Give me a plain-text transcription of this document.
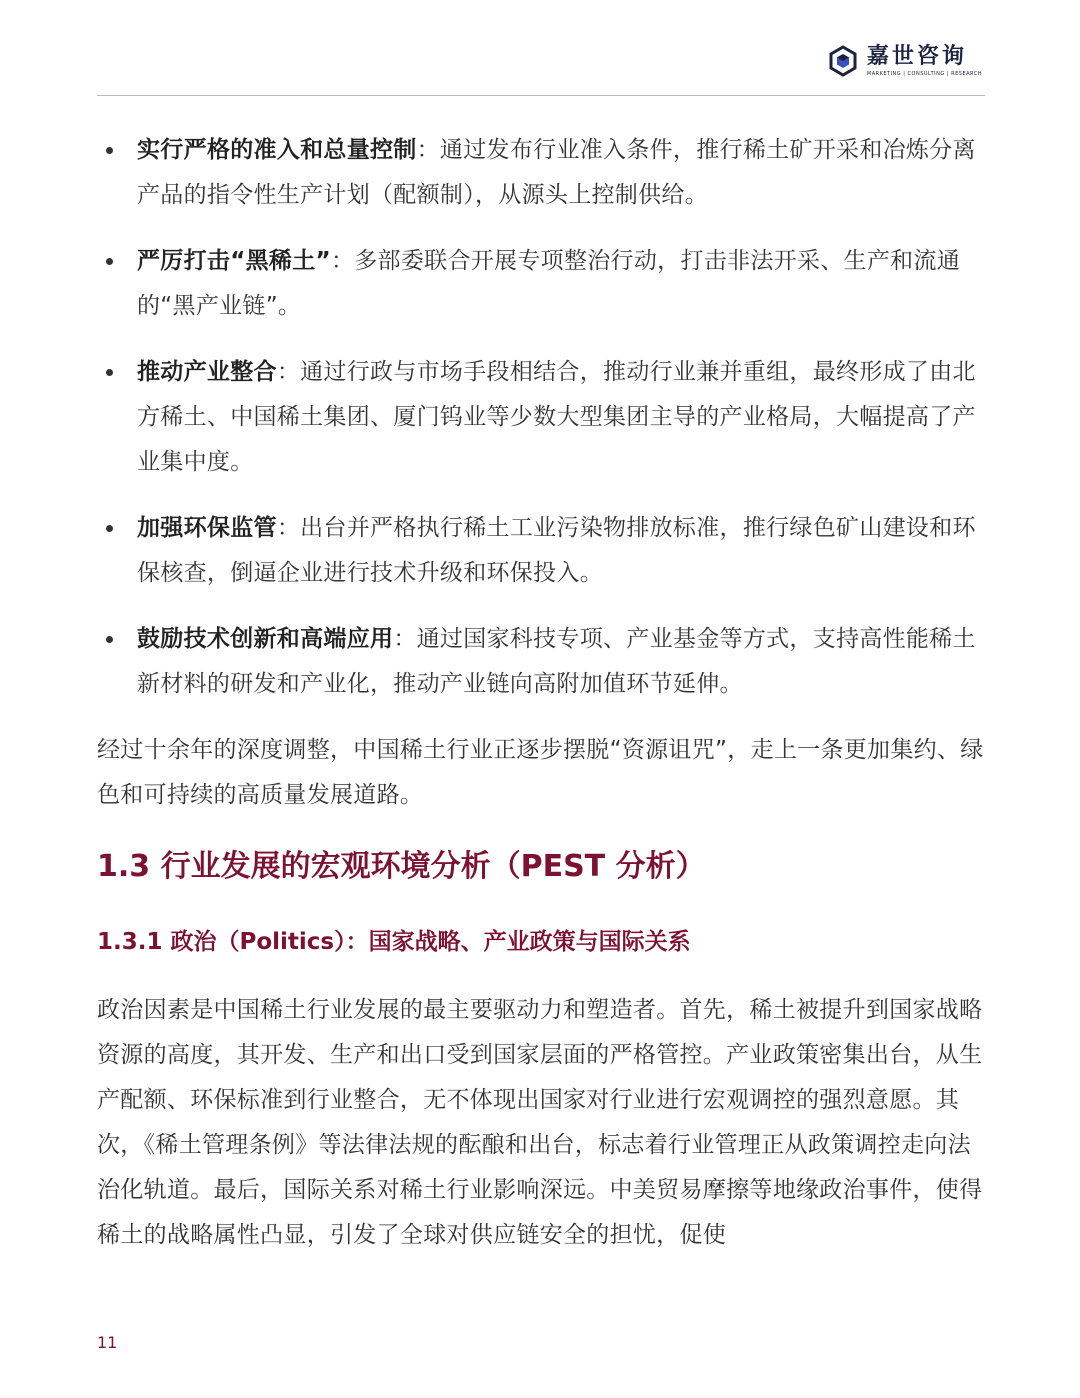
嘉世咨询
MARKETING | CONSULTING | RESEARCH
实行严格的准入和总量控制：通过发布行业准入条件，推行稀土矿开采和冶炼分离产品的指令性生产计划（配额制），从源头上控制供给。
严厉打击“黑稀土”：多部委联合开展专项整治行动，打击非法开采、生产和流通的“黑产业链”。
推动产业整合：通过行政与市场手段相结合，推动行业兼并重组，最终形成了由北方稀土、中国稀土集团、厦门钨业等少数大型集团主导的产业格局，大幅提高了产业集中度。
加强环保监管：出台并严格执行稀土工业污染物排放标准，推行绿色矿山建设和环保核查，倒逼企业进行技术升级和环保投入。
鼓励技术创新和高端应用：通过国家科技专项、产业基金等方式，支持高性能稀土新材料的研发和产业化，推动产业链向高附加值环节延伸。

经过十余年的深度调整，中国稀土行业正逐步摆脱“资源诅咒”，走上一条更加集约、绿色和可持续的高质量发展道路。

1.3 行业发展的宏观环境分析（PEST 分析）
1.3.1 政治（Politics）：国家战略、产业政策与国际关系

政治因素是中国稀土行业发展的最主要驱动力和塑造者。首先，稀土被提升到国家战略资源的高度，其开发、生产和出口受到国家层面的严格管控。产业政策密集出台，从生产配额、环保标准到行业整合，无不体现出国家对行业进行宏观调控的强烈意愿。其次，《稀土管理条例》等法律法规的酝酿和出台，标志着行业管理正从政策调控走向法治化轨道。最后，国际关系对稀土行业影响深远。中美贸易摩擦等地缘政治事件，使得稀土的战略属性凸显，引发了全球对供应链安全的担忧，促使

11
